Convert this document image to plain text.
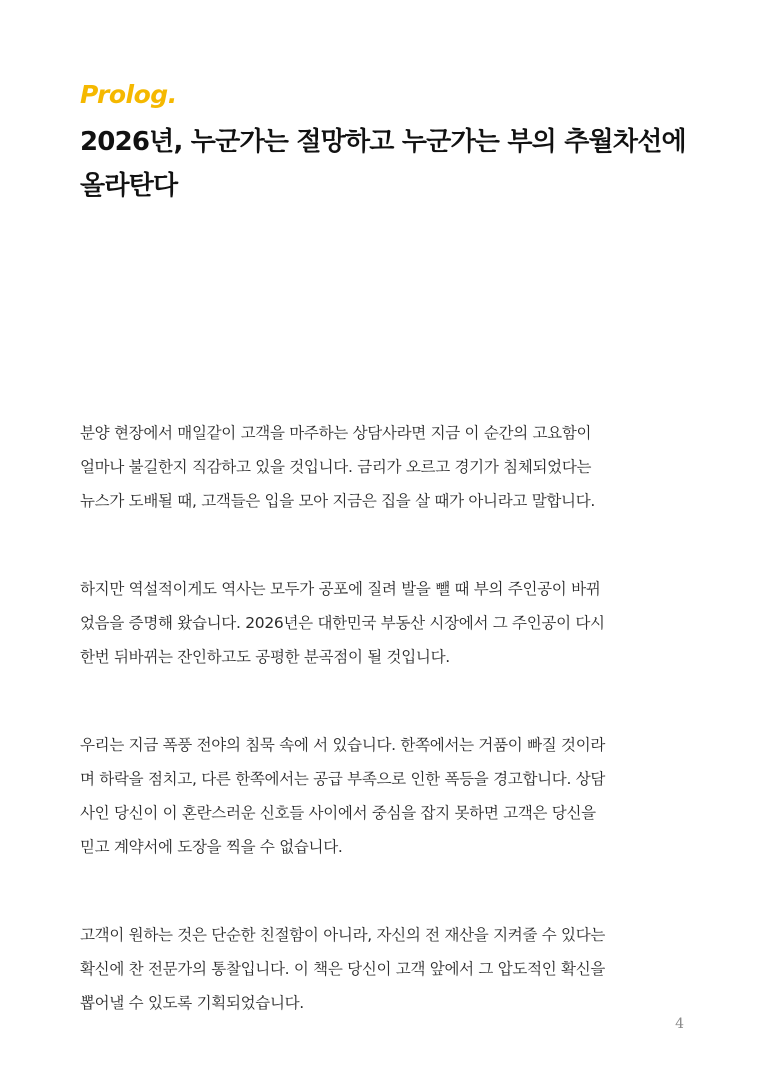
Prolog.

2026년, 누군가는 절망하고 누군가는 부의 추월차선에
올라탄다

분양 현장에서 매일같이 고객을 마주하는 상담사라면 지금 이 순간의 고요함이
얼마나 불길한지 직감하고 있을 것입니다. 금리가 오르고 경기가 침체되었다는
뉴스가 도배될 때, 고객들은 입을 모아 지금은 집을 살 때가 아니라고 말합니다.

하지만 역설적이게도 역사는 모두가 공포에 질려 발을 뺄 때 부의 주인공이 바뀌
었음을 증명해 왔습니다. 2026년은 대한민국 부동산 시장에서 그 주인공이 다시
한번 뒤바뀌는 잔인하고도 공평한 분곡점이 될 것입니다.

우리는 지금 폭풍 전야의 침묵 속에 서 있습니다. 한쪽에서는 거품이 빠질 것이라
며 하락을 점치고, 다른 한쪽에서는 공급 부족으로 인한 폭등을 경고합니다. 상담
사인 당신이 이 혼란스러운 신호들 사이에서 중심을 잡지 못하면 고객은 당신을
믿고 계약서에 도장을 찍을 수 없습니다.

고객이 원하는 것은 단순한 친절함이 아니라, 자신의 전 재산을 지켜줄 수 있다는
확신에 찬 전문가의 통찰입니다. 이 책은 당신이 고객 앞에서 그 압도적인 확신을
뽑어낼 수 있도록 기획되었습니다.

4
